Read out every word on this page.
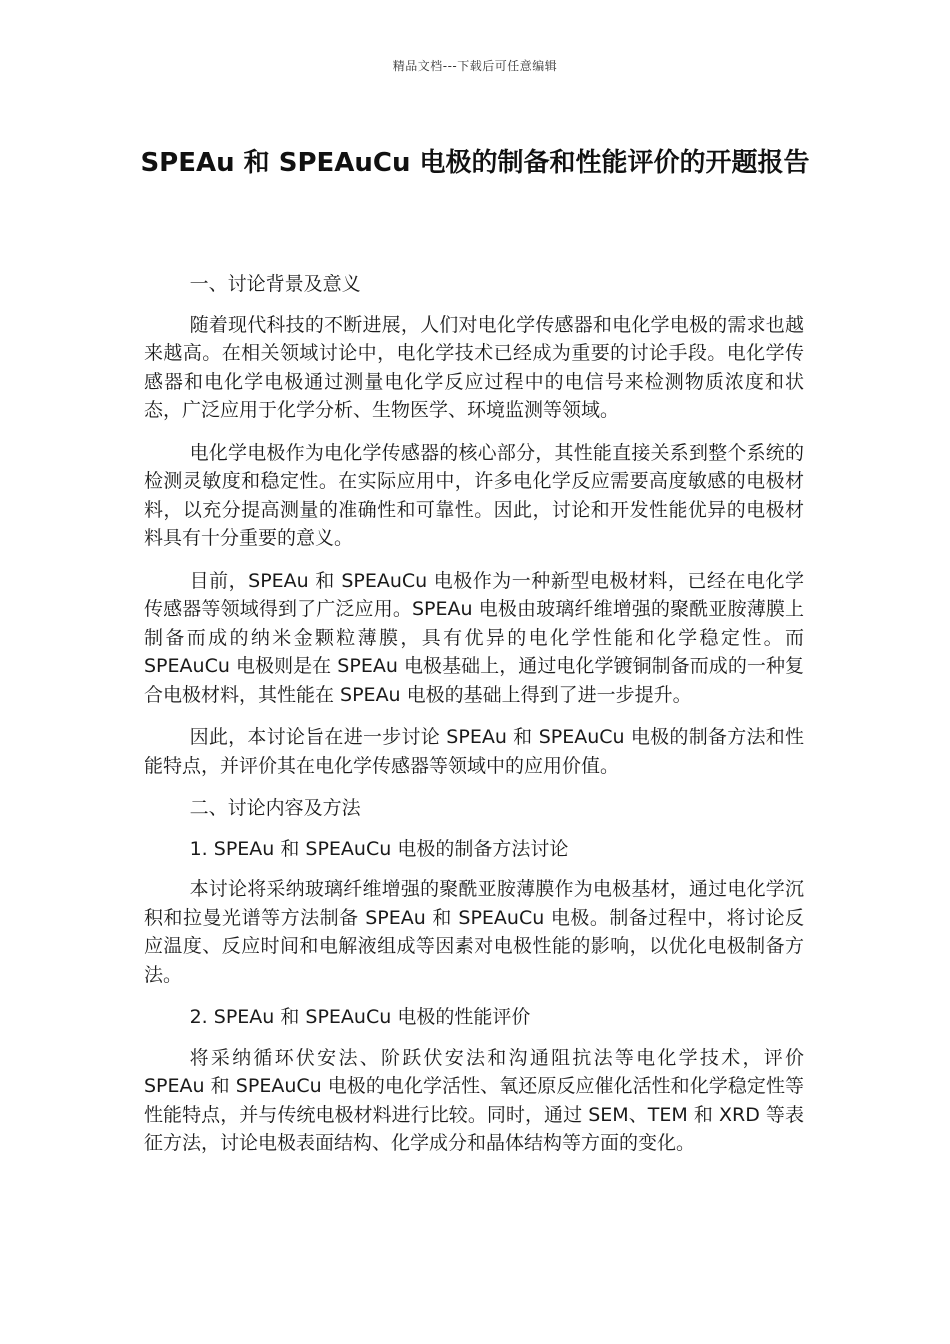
精品文档---下载后可任意编辑
SPEAu 和 SPEAuCu 电极的制备和性能评价的开题报告

一、讨论背景及意义

随着现代科技的不断进展，人们对电化学传感器和电化学电极的需求也越来越高。在相关领域讨论中，电化学技术已经成为重要的讨论手段。电化学传感器和电化学电极通过测量电化学反应过程中的电信号来检测物质浓度和状态，广泛应用于化学分析、生物医学、环境监测等领域。

电化学电极作为电化学传感器的核心部分，其性能直接关系到整个系统的检测灵敏度和稳定性。在实际应用中，许多电化学反应需要高度敏感的电极材料，以充分提高测量的准确性和可靠性。因此，讨论和开发性能优异的电极材料具有十分重要的意义。

目前，SPEAu 和 SPEAuCu 电极作为一种新型电极材料，已经在电化学传感器等领域得到了广泛应用。SPEAu 电极由玻璃纤维增强的聚酰亚胺薄膜上制备而成的纳米金颗粒薄膜，具有优异的电化学性能和化学稳定性。而 SPEAuCu 电极则是在 SPEAu 电极基础上，通过电化学镀铜制备而成的一种复合电极材料，其性能在 SPEAu 电极的基础上得到了进一步提升。

因此，本讨论旨在进一步讨论 SPEAu 和 SPEAuCu 电极的制备方法和性能特点，并评价其在电化学传感器等领域中的应用价值。

二、讨论内容及方法

1. SPEAu 和 SPEAuCu 电极的制备方法讨论

本讨论将采纳玻璃纤维增强的聚酰亚胺薄膜作为电极基材，通过电化学沉积和拉曼光谱等方法制备 SPEAu 和 SPEAuCu 电极。制备过程中，将讨论反应温度、反应时间和电解液组成等因素对电极性能的影响，以优化电极制备方法。

2. SPEAu 和 SPEAuCu 电极的性能评价

将采纳循环伏安法、阶跃伏安法和沟通阻抗法等电化学技术，评价 SPEAu 和 SPEAuCu 电极的电化学活性、氧还原反应催化活性和化学稳定性等性能特点，并与传统电极材料进行比较。同时，通过 SEM、TEM 和 XRD 等表征方法，讨论电极表面结构、化学成分和晶体结构等方面的变化。
